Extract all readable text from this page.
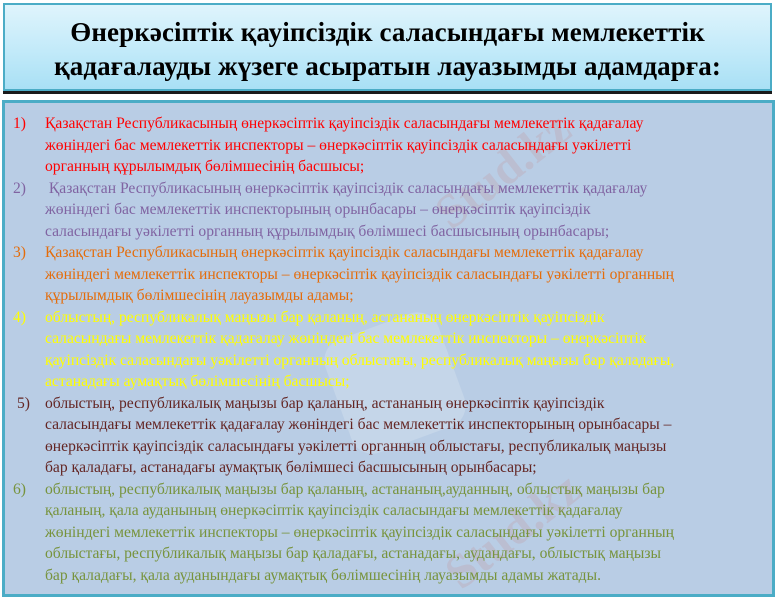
Өнеркәсіптік қауіпсіздік саласындағы мемлекеттік
қадағалауды жүзеге асыратын лауазымды адамдарға:
Stud.kz
Stud.kz
1)	Қазақстан Республикасының өнеркәсіптік қауіпсіздік саласындағы мемлекеттік қадағалау
жөніндегі бас мемлекеттік инспекторы – өнеркәсіптік қауіпсіздік саласындағы уәкілетті
органның құрылымдық бөлімшесінің басшысы;
2)	Қазақстан Республикасының өнеркәсіптік қауіпсіздік саласындағы мемлекеттік қадағалау
жөніндегі бас мемлекеттік инспекторының орынбасары – өнеркәсіптік қауіпсіздік
саласындағы уәкілетті органның құрылымдық бөлімшесі басшысының орынбасары;
3)	Қазақстан Республикасының өнеркәсіптік қауіпсіздік саласындағы мемлекеттік қадағалау
жөніндегі мемлекеттік инспекторы – өнеркәсіптік қауіпсіздік саласындағы уәкілетті органның
құрылымдық бөлімшесінің лауазымды адамы;
4)	облыстың, республикалық маңызы бар қаланың, астананың өнеркәсіптік қауіпсіздік
саласындағы мемлекеттік қадағалау жөніндегі бас мемлекеттік инспекторы – өнеркәсіптік
қауіпсіздік саласындағы уәкілетті органның облыстағы, республикалық маңызы бар қаладағы,
астанадағы аумақтық бөлімшесінің басшысы;
5) облыстың, республикалық маңызы бар қаланың, астананың өнеркәсіптік қауіпсіздік
саласындағы мемлекеттік қадағалау жөніндегі бас мемлекеттік инспекторының орынбасары –
өнеркәсіптік қауіпсіздік саласындағы уәкілетті органның облыстағы, республикалық маңызы
бар қаладағы, астанадағы аумақтық бөлімшесі басшысының орынбасары;
6)	облыстың, республикалық маңызы бар қаланың, астананың,ауданның, облыстық маңызы бар
қаланың, қала ауданының өнеркәсіптік қауіпсіздік саласындағы мемлекеттік қадағалау
жөніндегі мемлекеттік инспекторы – өнеркәсіптік қауіпсіздік саласындағы уәкілетті органның
облыстағы, республикалық маңызы бар қаладағы, астанадағы, аудандағы, облыстық маңызы
бар қаладағы, қала ауданындағы аумақтық бөлімшесінің лауазымды адамы жатады.
